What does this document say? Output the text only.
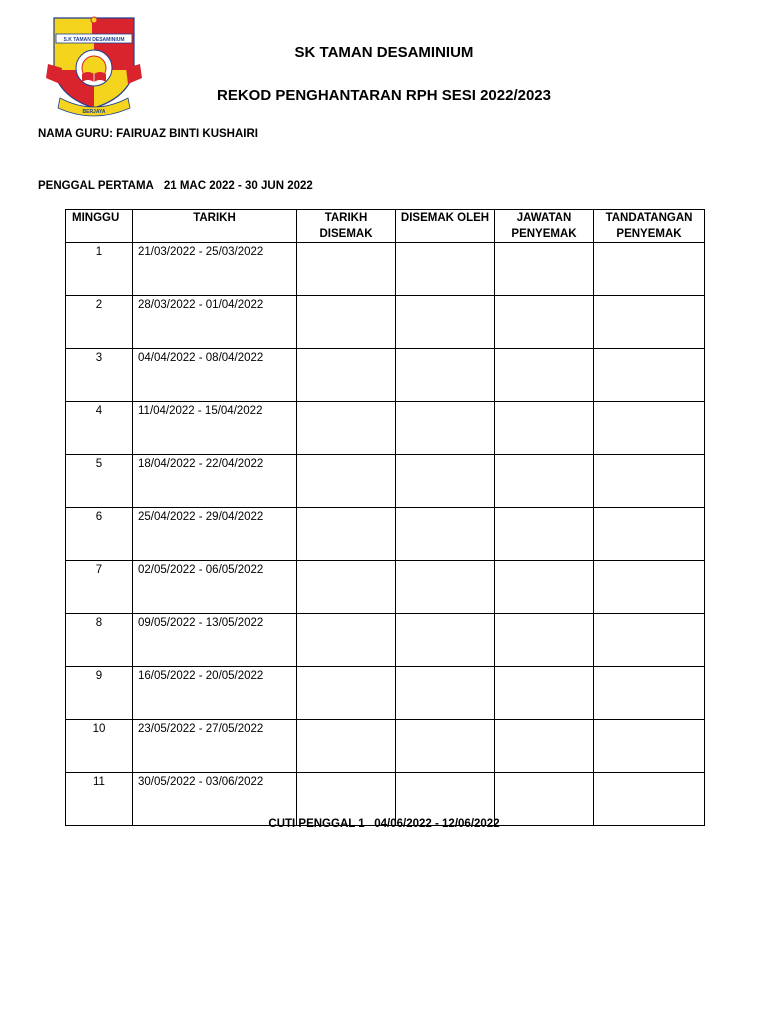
S.K TAMAN DESAMINIUM
BERJAYA
SK TAMAN DESAMINIUM
REKOD PENGHANTARAN RPH SESI 2022/2023
NAMA GURU: FAIRUAZ BINTI KUSHAIRI
PENGGAL PERTAMA 21 MAC 2022 - 30 JUN 2022
MINGGU	TARIKH	TARIKH DISEMAK	DISEMAK OLEH	JAWATAN PENYEMAK	TANDATANGAN PENYEMAK
1	21/03/2022 - 25/03/2022				
2	28/03/2022 - 01/04/2022				
3	04/04/2022 - 08/04/2022				
4	11/04/2022 - 15/04/2022				
5	18/04/2022 - 22/04/2022				
6	25/04/2022 - 29/04/2022				
7	02/05/2022 - 06/05/2022				
8	09/05/2022 - 13/05/2022				
9	16/05/2022 - 20/05/2022				
10	23/05/2022 - 27/05/2022				
11	30/05/2022 - 03/06/2022				
CUTI PENGGAL 1 04/06/2022 - 12/06/2022
